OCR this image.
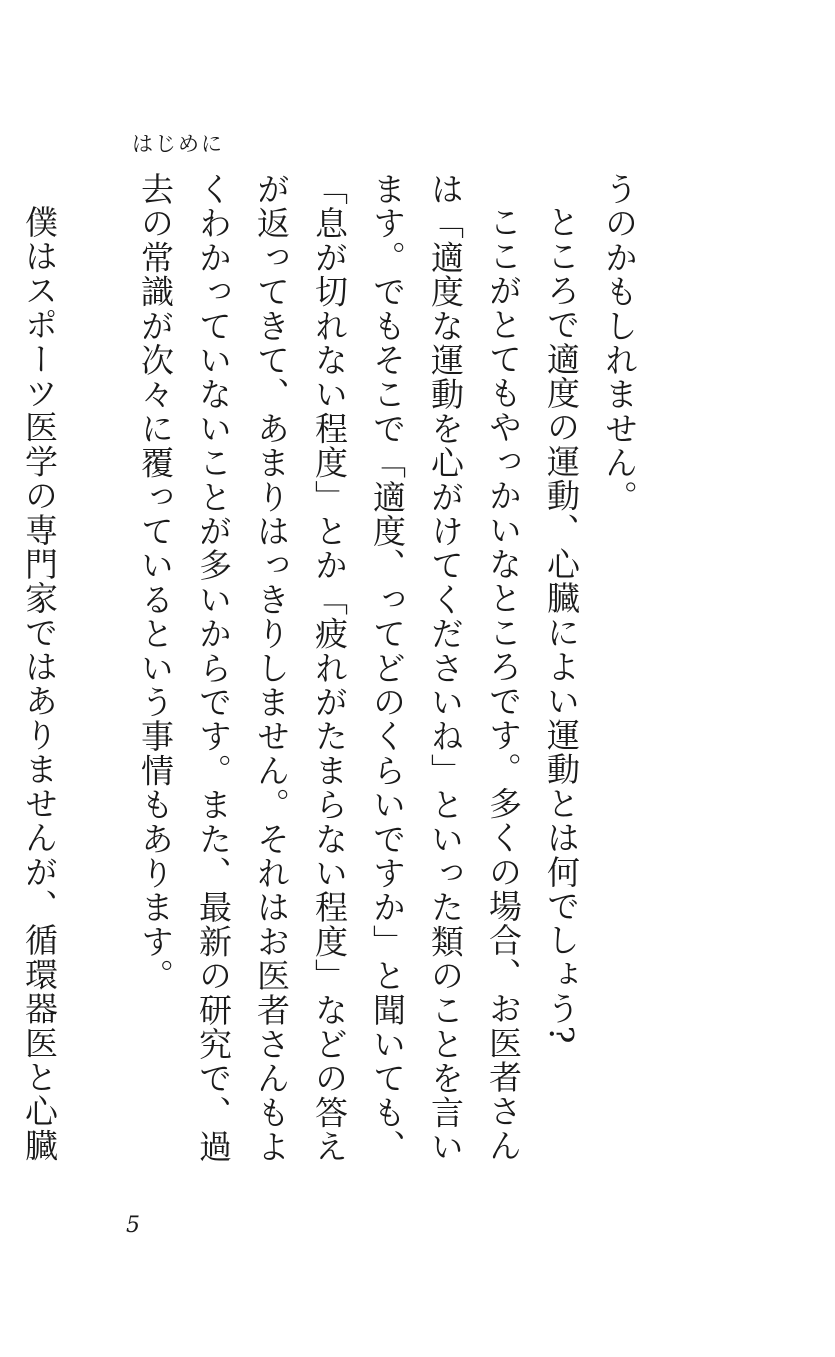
はじめに

うのかもしれません。

ところで適度の運動、心臓によい運動とは何でしょう?

ここがとてもやっかいなところです。多くの場合、お医者さんは「適度な運動を心がけてくださいね」といった類のことを言います。でもそこで「適度、ってどのくらいですか」と聞いても、「息が切れない程度」とか「疲れがたまらない程度」などの答えが返ってきて、あまりはっきりしません。それはお医者さんもよくわかっていないことが多いからです。また、最新の研究で、過去の常識が次々に覆っているという事情もあります。

僕はスポーツ医学の専門家ではありませんが、循環器医と心臓

5
